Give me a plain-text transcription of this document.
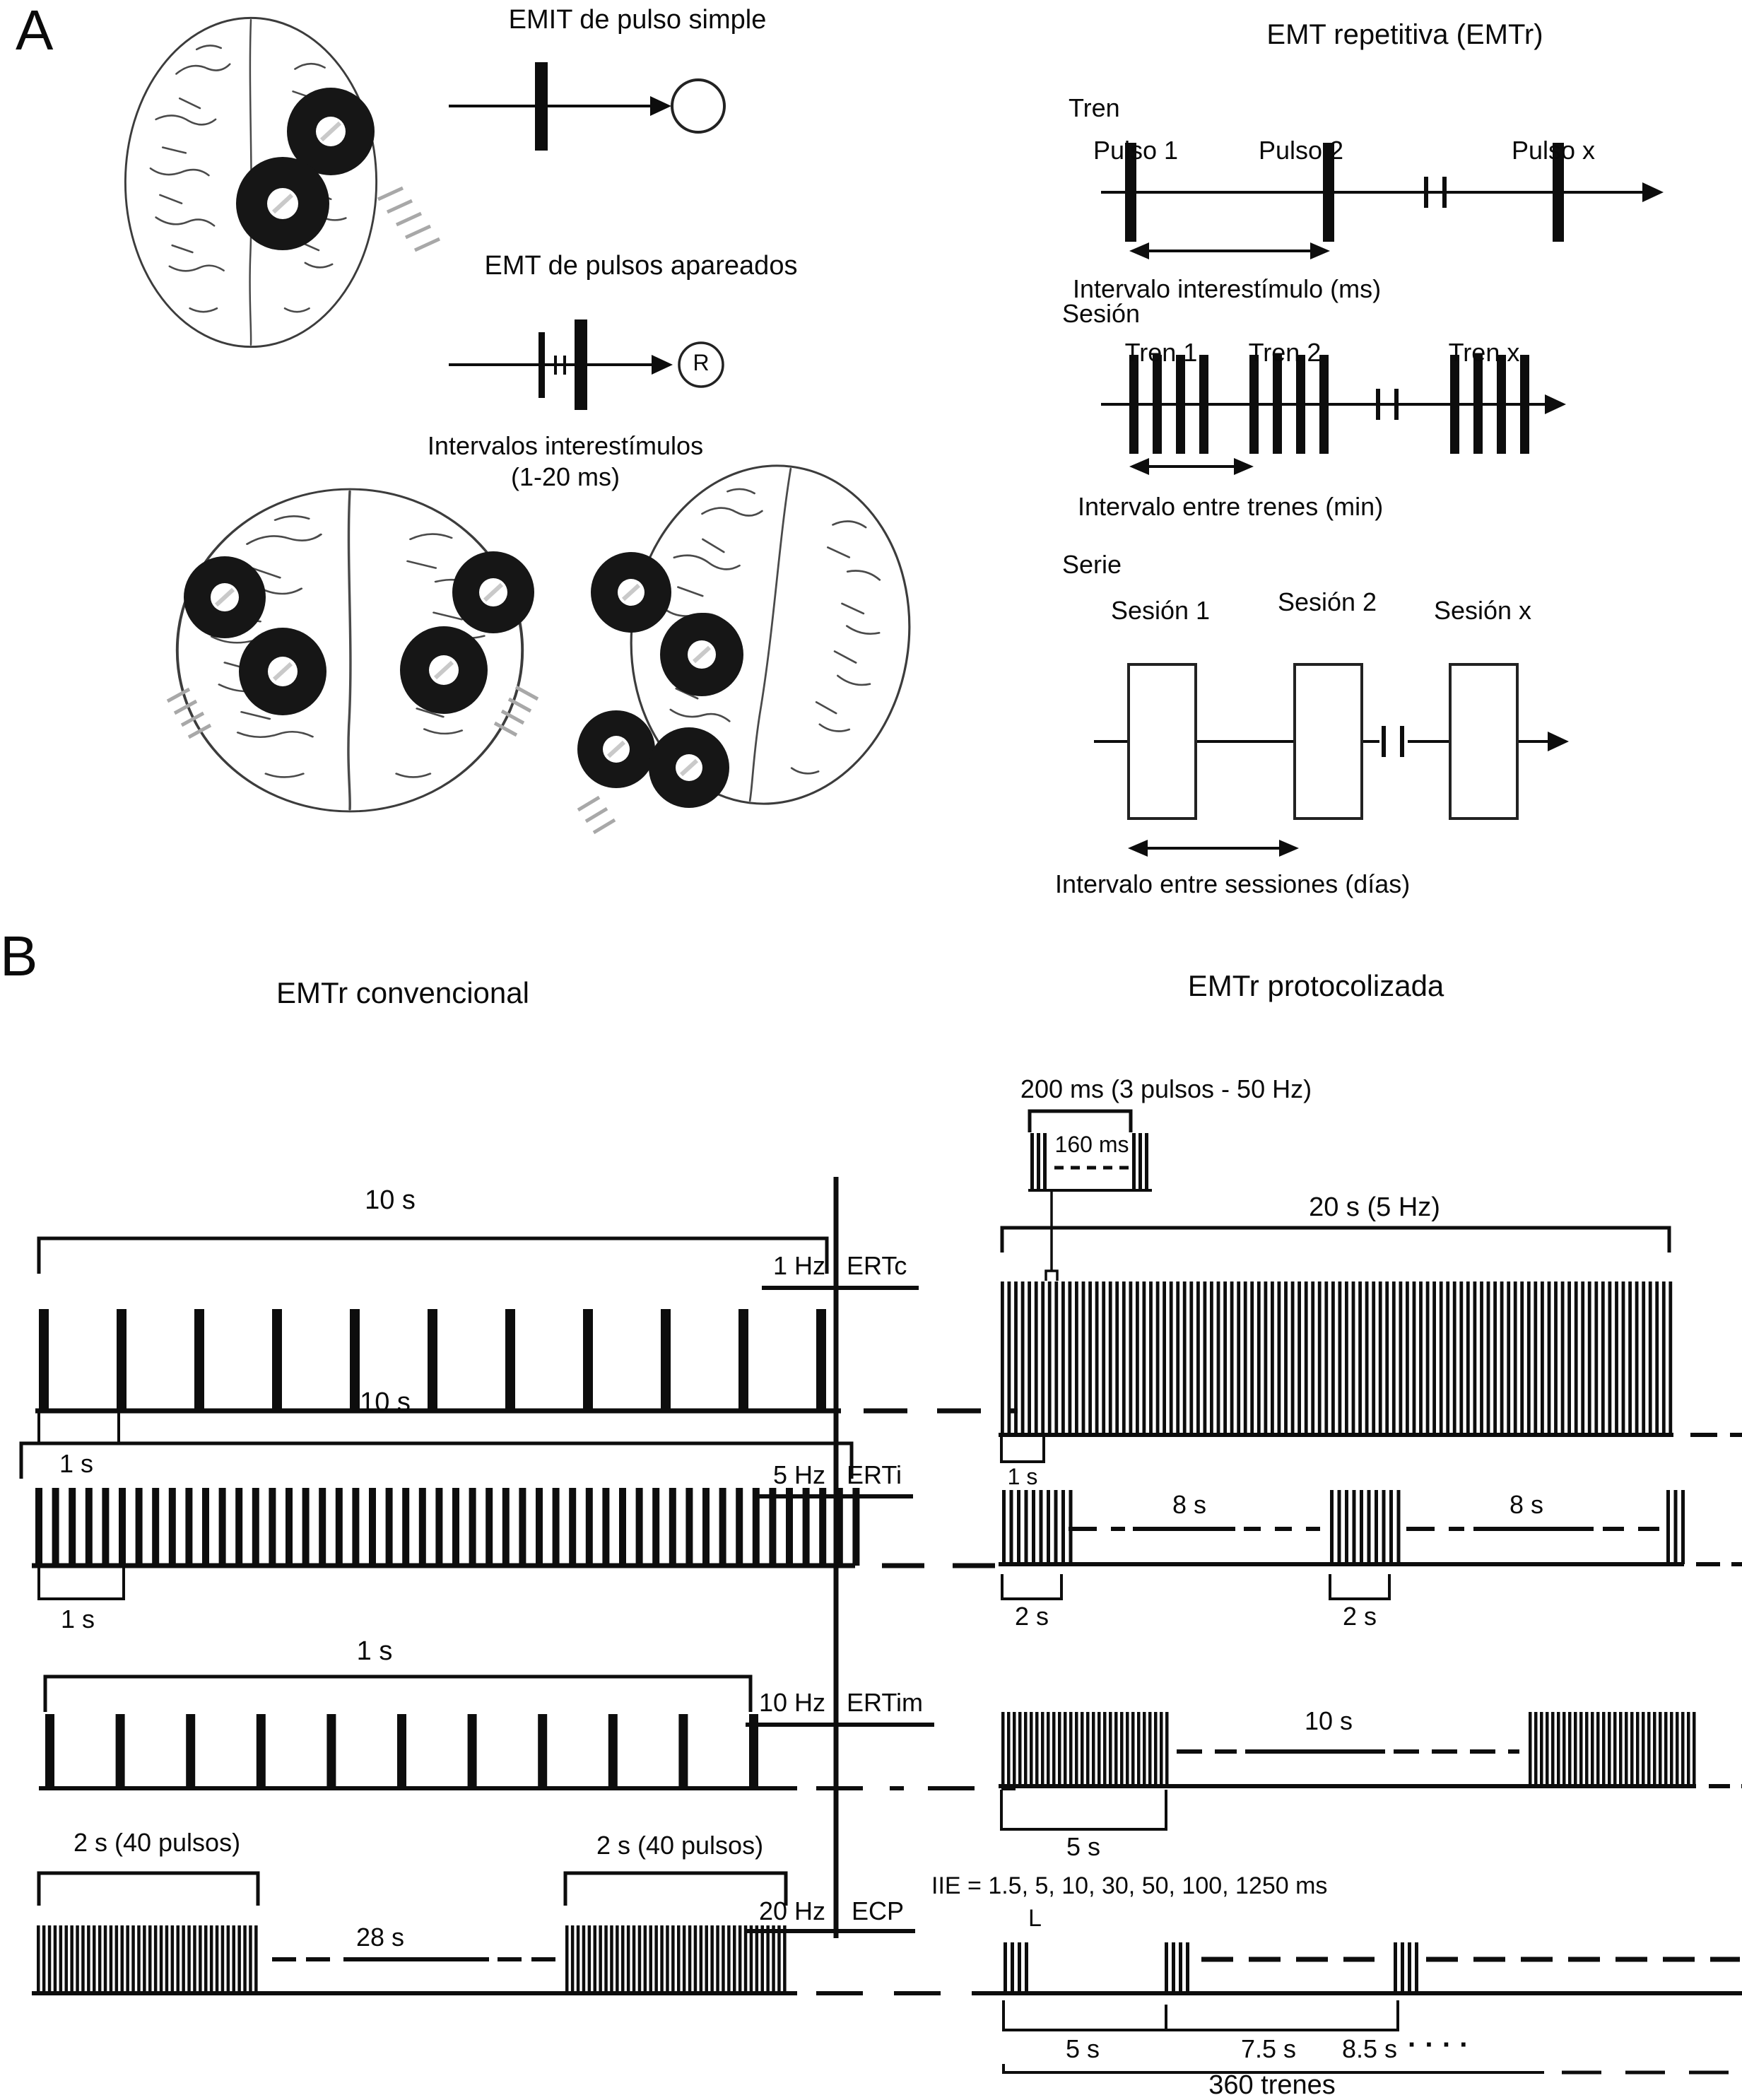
A	EMIT de pulso simple
EMT de pulsos apareados
R
Intervalos interestímulos
(1-20 ms)
EMT repetitiva (EMTr)
Tren
Pulso 1	Pulso 2	Pulso x
Intervalo interestímulo (ms)
Sesión
Tren 1 Tren 2	Tren x
Intervalo entre trenes (min)
Serie
Sesión 1	Sesión 2 Sesión x
Intervalo entre sessiones (días)
B
EMTr convencional	EMTr protocolizada
1 Hz ERTc
5 Hz ERTi
10 Hz ERTim
20 Hz ECP
10 s
1 s
10 s
1 s
1 s
2 s (40 pulsos)	2 s (40 pulsos)
28 s
200 ms (3 pulsos - 50 Hz)
160 ms
20 s (5 Hz)
1 s
8 s	8 s
2 s	2 s
10 s
5 s
IIE = 1.5, 5, 10, 30, 50, 100, 1250 ms
L
5 s	7.5 s 8.5 s · · · ·
360 trenes
